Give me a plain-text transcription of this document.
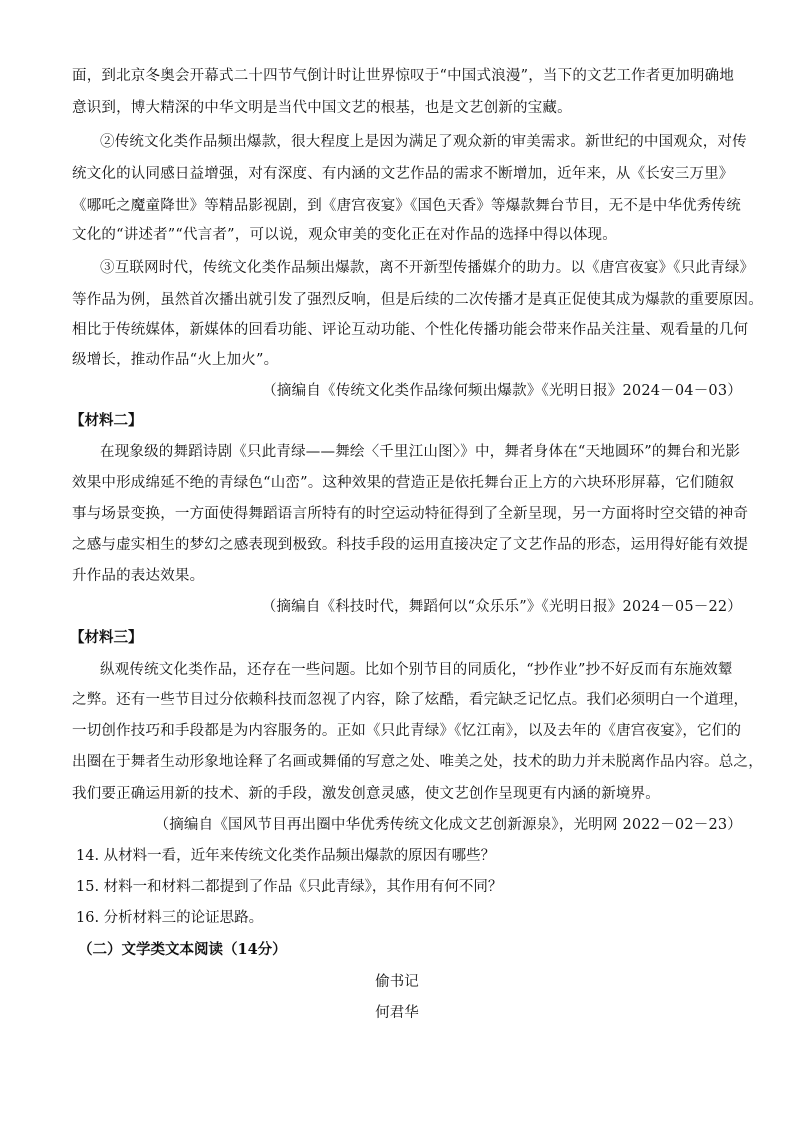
面，到北京冬奥会开幕式二十四节气倒计时让世界惊叹于“中国式浪漫”，当下的文艺工作者更加明确地
意识到，博大精深的中华文明是当代中国文艺的根基，也是文艺创新的宝藏。
②传统文化类作品频出爆款，很大程度上是因为满足了观众新的审美需求。新世纪的中国观众，对传
统文化的认同感日益增强，对有深度、有内涵的文艺作品的需求不断增加，近年来，从《长安三万里》
《哪吒之魔童降世》等精品影视剧，到《唐宫夜宴》《国色天香》等爆款舞台节目，无不是中华优秀传统
文化的“讲述者”“代言者”，可以说，观众审美的变化正在对作品的选择中得以体现。
③互联网时代，传统文化类作品频出爆款，离不开新型传播媒介的助力。以《唐宫夜宴》《只此青绿》
等作品为例，虽然首次播出就引发了强烈反响，但是后续的二次传播才是真正促使其成为爆款的重要原因。
相比于传统媒体，新媒体的回看功能、评论互动功能、个性化传播功能会带来作品关注量、观看量的几何
级增长，推动作品“火上加火”。
（摘编自《传统文化类作品缘何频出爆款》《光明日报》2024－04－03）
【材料二】
在现象级的舞蹈诗剧《只此青绿——舞绘〈千里江山图〉》中，舞者身体在“天地圆环”的舞台和光影
效果中形成绵延不绝的青绿色“山峦”。这种效果的营造正是依托舞台正上方的六块环形屏幕，它们随叙
事与场景变换，一方面使得舞蹈语言所特有的时空运动特征得到了全新呈现，另一方面将时空交错的神奇
之感与虚实相生的梦幻之感表现到极致。科技手段的运用直接决定了文艺作品的形态，运用得好能有效提
升作品的表达效果。
（摘编自《科技时代，舞蹈何以“众乐乐”》《光明日报》2024－05－22）
【材料三】
纵观传统文化类作品，还存在一些问题。比如个别节目的同质化，“抄作业”抄不好反而有东施效颦
之弊。还有一些节目过分依赖科技而忽视了内容，除了炫酷，看完缺乏记忆点。我们必须明白一个道理，
一切创作技巧和手段都是为内容服务的。正如《只此青绿》《忆江南》，以及去年的《唐宫夜宴》，它们的
出圈在于舞者生动形象地诠释了名画或舞俑的写意之处、唯美之处，技术的助力并未脱离作品内容。总之，
我们要正确运用新的技术、新的手段，激发创意灵感，使文艺创作呈现更有内涵的新境界。
（摘编自《国风节目再出圈中华优秀传统文化成文艺创新源泉》，光明网 2022－02－23）
14. 从材料一看，近年来传统文化类作品频出爆款的原因有哪些？
15. 材料一和材料二都提到了作品《只此青绿》，其作用有何不同？
16. 分析材料三的论证思路。
（二）文学类文本阅读（14分）
偷书记
何君华
